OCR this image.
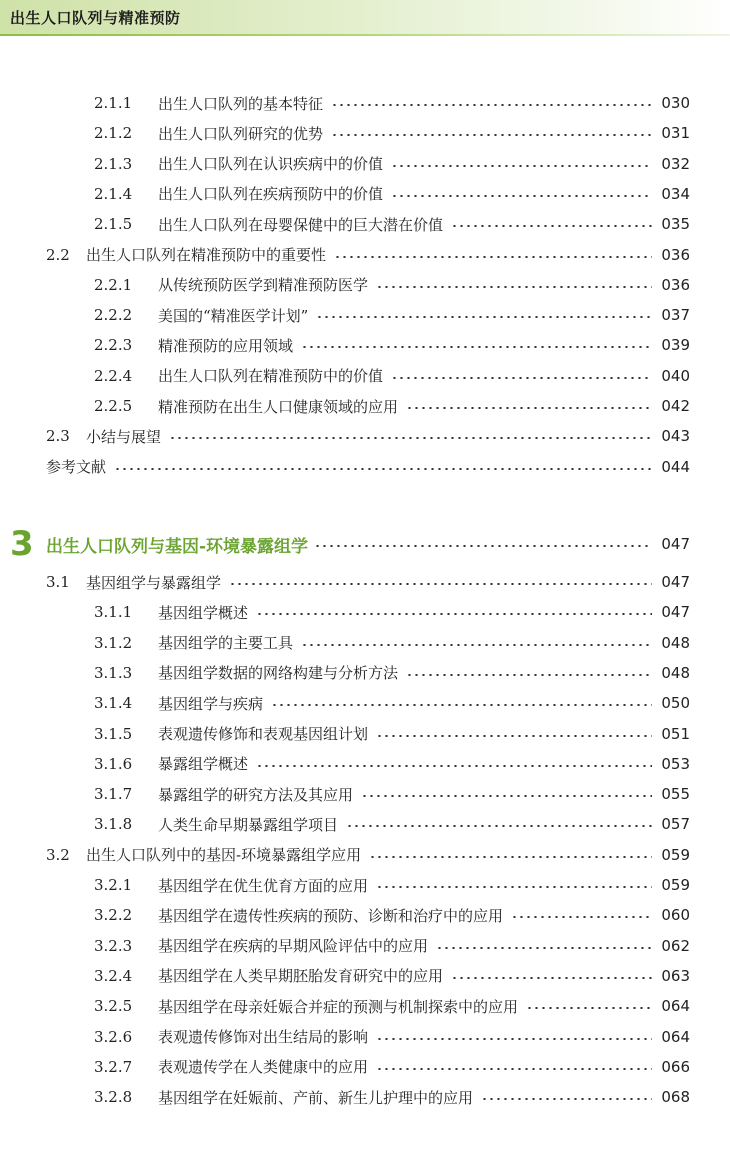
出生人口队列与精准预防
2.1.1	出生人口队列的基本特征	030
2.1.2	出生人口队列研究的优势	031
2.1.3	出生人口队列在认识疾病中的价值	032
2.1.4	出生人口队列在疾病预防中的价值	034
2.1.5	出生人口队列在母婴保健中的巨大潜在价值	035
2.2	出生人口队列在精准预防中的重要性	036
2.2.1	从传统预防医学到精准预防医学	036
2.2.2	美国的“精准医学计划”	037
2.2.3	精准预防的应用领域	039
2.2.4	出生人口队列在精准预防中的价值	040
2.2.5	精准预防在出生人口健康领域的应用	042
2.3	小结与展望	043
参考文献	044
3 出生人口队列与基因-环境暴露组学	047
3.1	基因组学与暴露组学	047
3.1.1	基因组学概述	047
3.1.2	基因组学的主要工具	048
3.1.3	基因组学数据的网络构建与分析方法	048
3.1.4	基因组学与疾病	050
3.1.5	表观遗传修饰和表观基因组计划	051
3.1.6	暴露组学概述	053
3.1.7	暴露组学的研究方法及其应用	055
3.1.8	人类生命早期暴露组学项目	057
3.2	出生人口队列中的基因-环境暴露组学应用	059
3.2.1	基因组学在优生优育方面的应用	059
3.2.2	基因组学在遗传性疾病的预防、诊断和治疗中的应用	060
3.2.3	基因组学在疾病的早期风险评估中的应用	062
3.2.4	基因组学在人类早期胚胎发育研究中的应用	063
3.2.5	基因组学在母亲妊娠合并症的预测与机制探索中的应用	064
3.2.6	表观遗传修饰对出生结局的影响	064
3.2.7	表观遗传学在人类健康中的应用	066
3.2.8	基因组学在妊娠前、产前、新生儿护理中的应用	068
